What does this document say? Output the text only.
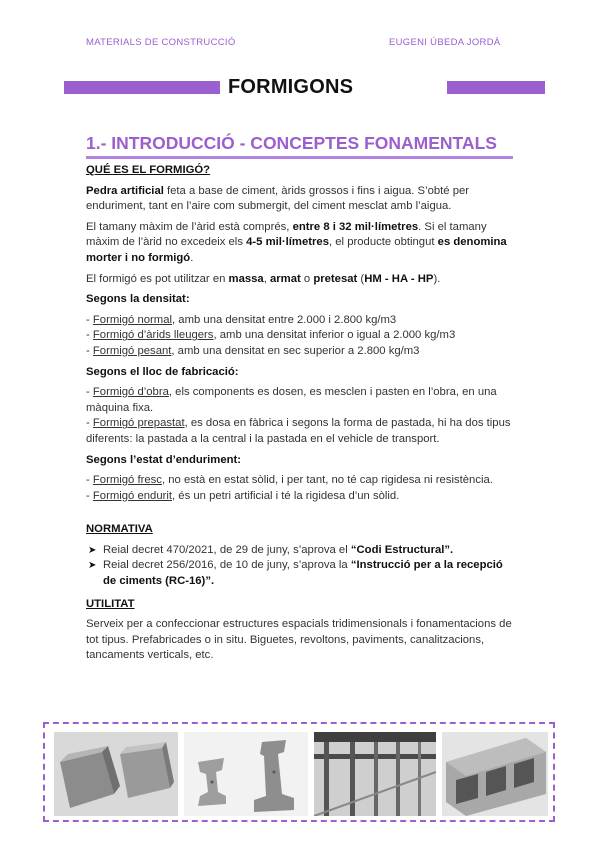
MATERIALS DE CONSTRUCCIÓ	EUGENI ÚBEDA JORDÀ
FORMIGONS
1.- INTRODUCCIÓ - CONCEPTES FONAMENTALS

QUÉ ES EL FORMIGÓ?

Pedra artificial feta a base de ciment, àrids grossos i fins i aigua. S’obté per enduriment, tant en l’aire com submergit, del ciment mesclat amb l’aigua.

El tamany màxim de l’àrid està comprés, entre 8 i 32 mil·límetres. Si el tamany màxim de l’àrid no excedeix els 4-5 mil·límetres, el producte obtingut es denomina morter i no formigó.

El formigó es pot utilitzar en massa, armat o pretesat (HM - HA - HP).

Segons la densitat:

- Formigó normal, amb una densitat entre 2.000 i 2.800 kg/m3
- Formigó d’àrids lleugers, amb una densitat inferior o igual a 2.000 kg/m3
- Formigó pesant, amb una densitat en sec superior a 2.800 kg/m3

Segons el lloc de fabricació:

- Formigó d’obra, els components es dosen, es mesclen i pasten en l’obra, en una màquina fixa.
- Formigó prepastat, es dosa en fàbrica i segons la forma de pastada, hi ha dos tipus diferents: la pastada a la central i la pastada en el vehicle de transport.

Segons l’estat d’enduriment:

- Formigó fresc, no està en estat sòlid, i per tant, no té cap rigidesa ni resistència.
- Formigó endurit, és un petri artificial i té la rigidesa d’un sòlid.

NORMATIVA

➤ Reial decret 470/2021, de 29 de juny, s’aprova el “Codi Estructural”.
➤ Reial decret 256/2016, de 10 de juny, s’aprova la “Instrucció per a la recepció de ciments (RC-16)”.

UTILITAT

Serveix per a confeccionar estructures espacials tridimensionals i fonamentacions de tot tipus. Prefabricades o in situ. Biguetes, revoltons, paviments, canalitzacions, tancaments verticals, etc.
